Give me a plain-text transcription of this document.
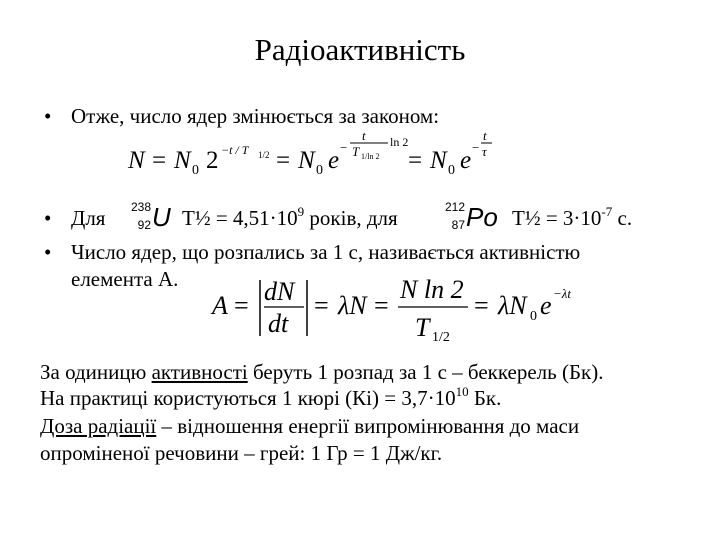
Радіоактивність
• Отже, число ядер змінюється за законом:
N = N 0 2 −t / T 1/2 = N 0 e −
t
T 1/ln 2
ln 2
= N 0 e −
t
τ
• Для 238
92 U T½ = $4,51\cdot 10^9$ років, для	212
87 Po T½ = $3\cdot 10^{-7}$ с.
• Число ядер, що розпались за 1 с, називається активністю
елемента A.
A = dN
dt
= λN =
N ln 2
T 1/2
= λN 0 e −λt
За одиницю активності беруть 1 розпад за 1 с – беккерель (Бк).
На практиці користуються 1 кюрі $(Кі) = 3,7\cdot 10^{10}$ Бк.
Доза радіації – відношення енергії випромінювання до маси
опроміненої речовини – грей: 1 Гр = 1 Дж/кг.
